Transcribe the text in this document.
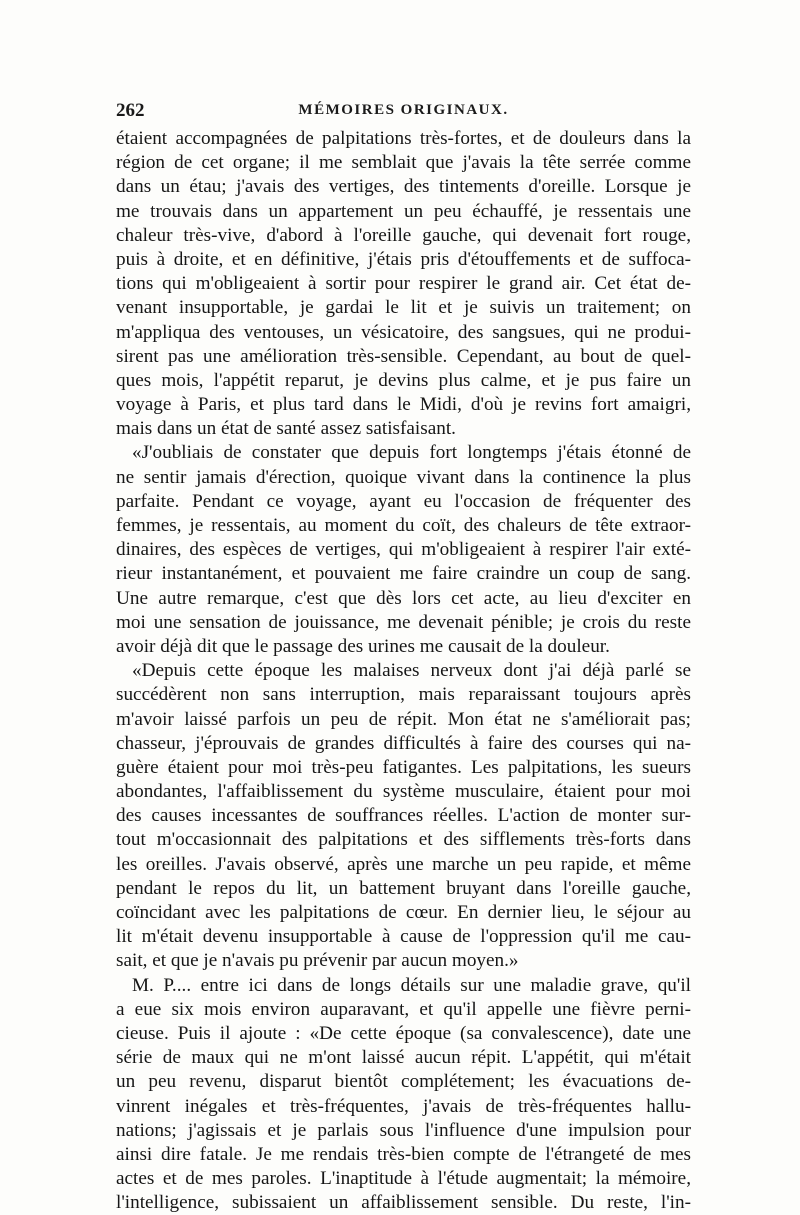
262	MÉMOIRES ORIGINAUX.
étaient accompagnées de palpitations très-fortes, et de douleurs dans la
région de cet organe; il me semblait que j'avais la tête serrée comme
dans un étau; j'avais des vertiges, des tintements d'oreille. Lorsque je
me trouvais dans un appartement un peu échauffé, je ressentais une
chaleur très-vive, d'abord à l'oreille gauche, qui devenait fort rouge,
puis à droite, et en définitive, j'étais pris d'étouffements et de suffoca-
tions qui m'obligeaient à sortir pour respirer le grand air. Cet état de-
venant insupportable, je gardai le lit et je suivis un traitement; on
m'appliqua des ventouses, un vésicatoire, des sangsues, qui ne produi-
sirent pas une amélioration très-sensible. Cependant, au bout de quel-
ques mois, l'appétit reparut, je devins plus calme, et je pus faire un
voyage à Paris, et plus tard dans le Midi, d'où je revins fort amaigri,
mais dans un état de santé assez satisfaisant.
«J'oubliais de constater que depuis fort longtemps j'étais étonné de
ne sentir jamais d'érection, quoique vivant dans la continence la plus
parfaite. Pendant ce voyage, ayant eu l'occasion de fréquenter des
femmes, je ressentais, au moment du coït, des chaleurs de tête extraor-
dinaires, des espèces de vertiges, qui m'obligeaient à respirer l'air exté-
rieur instantanément, et pouvaient me faire craindre un coup de sang.
Une autre remarque, c'est que dès lors cet acte, au lieu d'exciter en
moi une sensation de jouissance, me devenait pénible; je crois du reste
avoir déjà dit que le passage des urines me causait de la douleur.
«Depuis cette époque les malaises nerveux dont j'ai déjà parlé se
succédèrent non sans interruption, mais reparaissant toujours après
m'avoir laissé parfois un peu de répit. Mon état ne s'améliorait pas;
chasseur, j'éprouvais de grandes difficultés à faire des courses qui na-
guère étaient pour moi très-peu fatigantes. Les palpitations, les sueurs
abondantes, l'affaiblissement du système musculaire, étaient pour moi
des causes incessantes de souffrances réelles. L'action de monter sur-
tout m'occasionnait des palpitations et des sifflements très-forts dans
les oreilles. J'avais observé, après une marche un peu rapide, et même
pendant le repos du lit, un battement bruyant dans l'oreille gauche,
coïncidant avec les palpitations de cœur. En dernier lieu, le séjour au
lit m'était devenu insupportable à cause de l'oppression qu'il me cau-
sait, et que je n'avais pu prévenir par aucun moyen.»
M. P.... entre ici dans de longs détails sur une maladie grave, qu'il
a eue six mois environ auparavant, et qu'il appelle une fièvre perni-
cieuse. Puis il ajoute : «De cette époque (sa convalescence), date une
série de maux qui ne m'ont laissé aucun répit. L'appétit, qui m'était
un peu revenu, disparut bientôt complétement; les évacuations de-
vinrent inégales et très-fréquentes, j'avais de très-fréquentes hallu-
nations; j'agissais et je parlais sous l'influence d'une impulsion pour
ainsi dire fatale. Je me rendais très-bien compte de l'étrangeté de mes
actes et de mes paroles. L'inaptitude à l'étude augmentait; la mémoire,
l'intelligence, subissaient un affaiblissement sensible. Du reste, l'in-
